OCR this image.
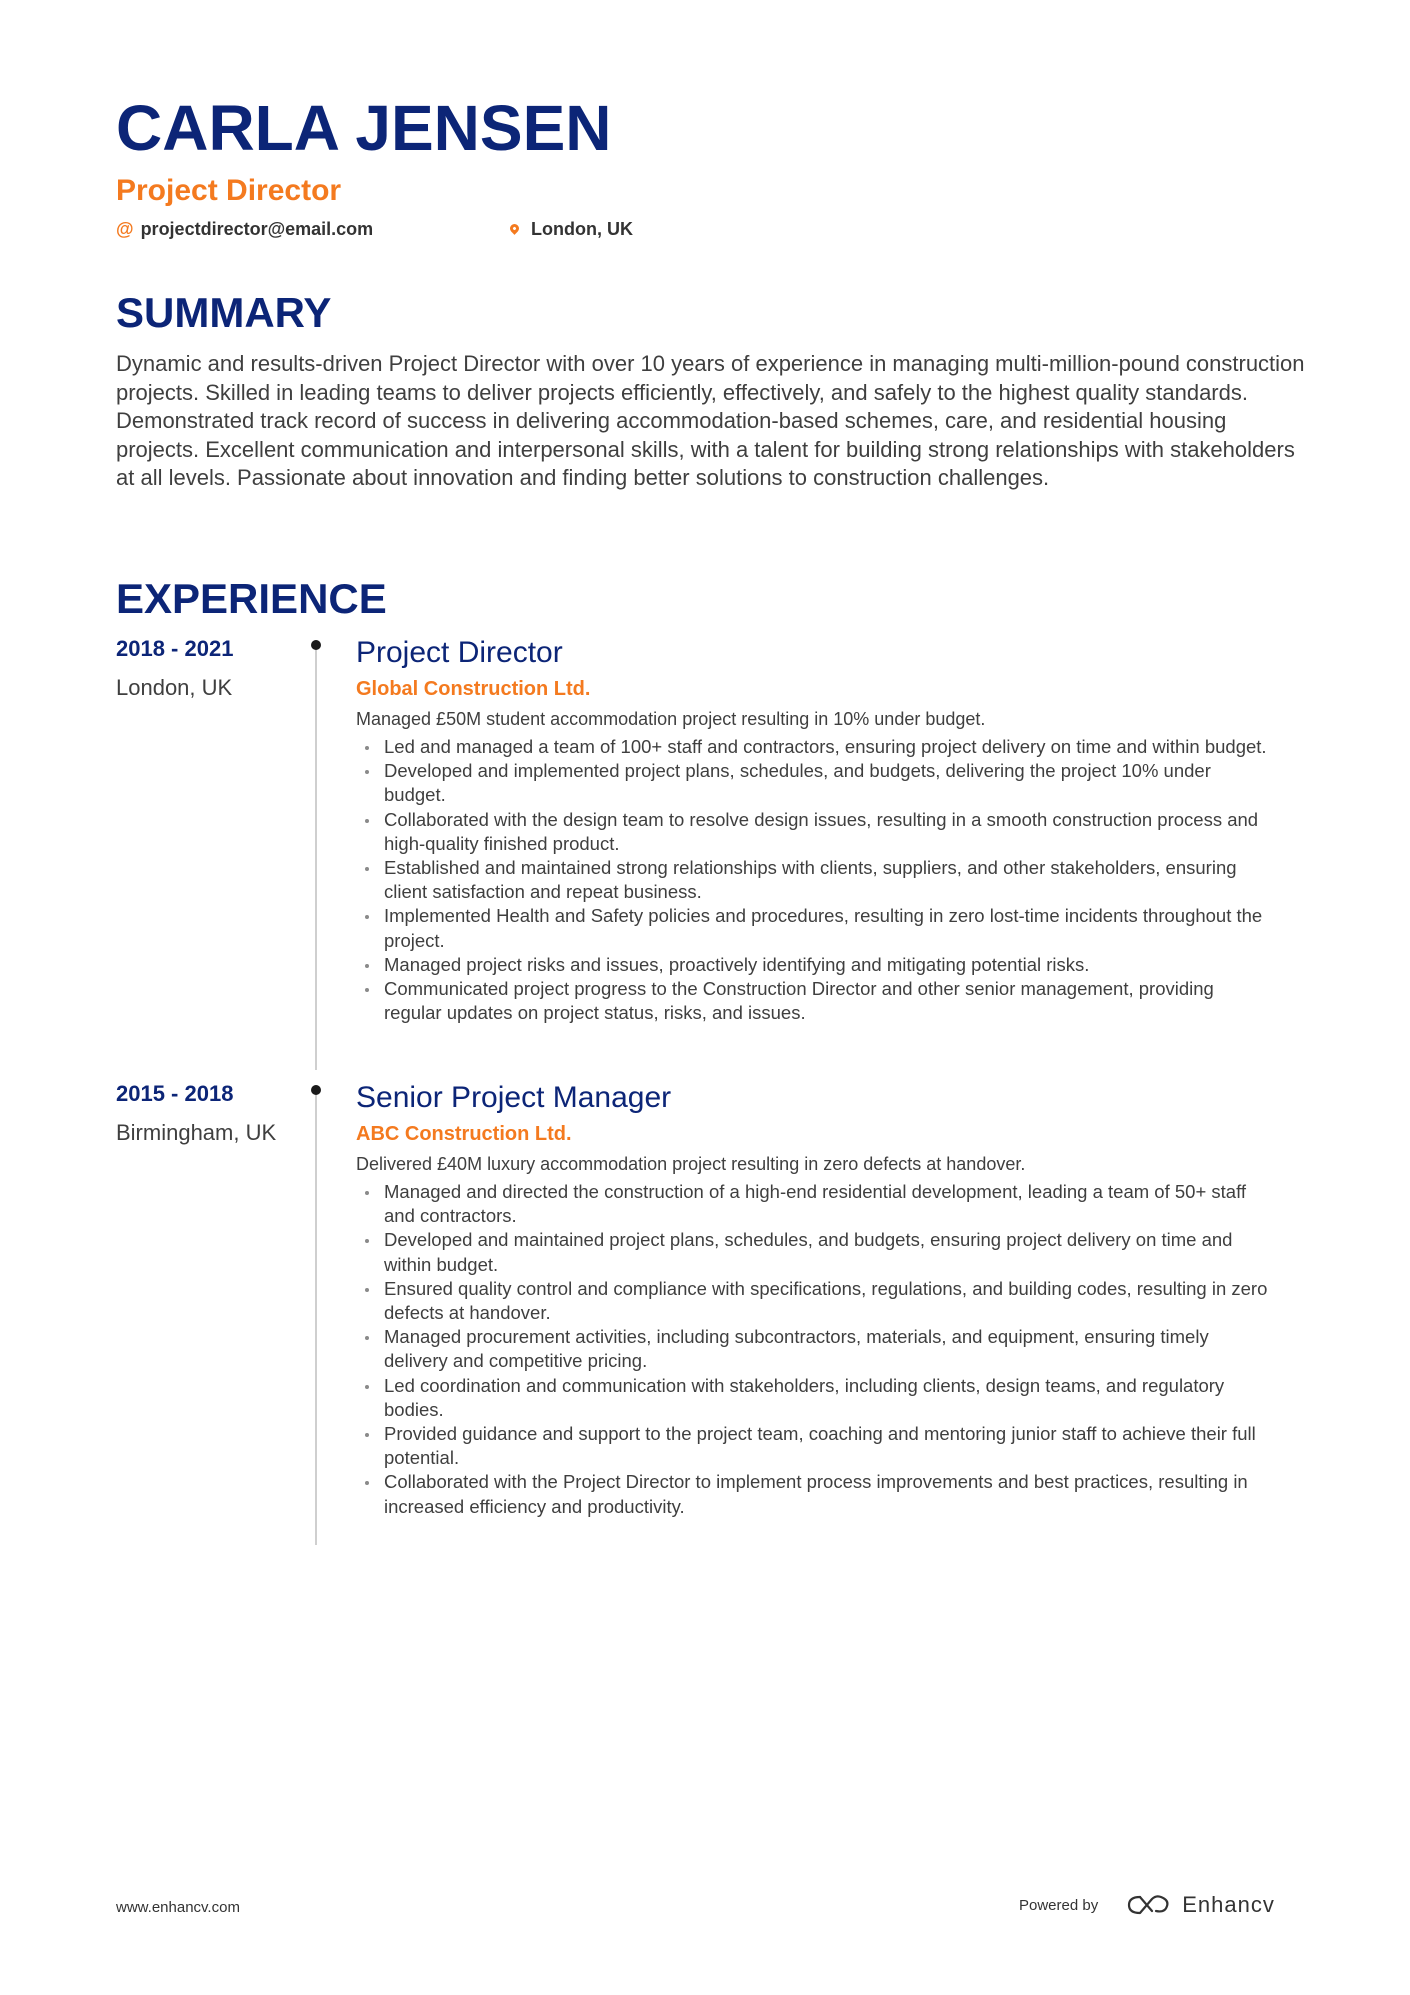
CARLA JENSEN
Project Director
@ projectdirector@email.com	London, UK
SUMMARY

Dynamic and results-driven Project Director with over 10 years of experience in managing multi-million-pound construction projects. Skilled in leading teams to deliver projects efficiently, effectively, and safely to the highest quality standards. Demonstrated track record of success in delivering accommodation-based schemes, care, and residential housing projects. Excellent communication and interpersonal skills, with a talent for building strong relationships with stakeholders at all levels. Passionate about innovation and finding better solutions to construction challenges.

EXPERIENCE
2018 - 2021
London, UK
Project Director
Global Construction Ltd.
Managed £50M student accommodation project resulting in 10% under budget.
Led and managed a team of 100+ staff and contractors, ensuring project delivery on time and within budget.
Developed and implemented project plans, schedules, and budgets, delivering the project 10% under budget.
Collaborated with the design team to resolve design issues, resulting in a smooth construction process and high-quality finished product.
Established and maintained strong relationships with clients, suppliers, and other stakeholders, ensuring client satisfaction and repeat business.
Implemented Health and Safety policies and procedures, resulting in zero lost-time incidents throughout the project.
Managed project risks and issues, proactively identifying and mitigating potential risks.
Communicated project progress to the Construction Director and other senior management, providing regular updates on project status, risks, and issues.
2015 - 2018
Birmingham, UK
Senior Project Manager
ABC Construction Ltd.
Delivered £40M luxury accommodation project resulting in zero defects at handover.
Managed and directed the construction of a high-end residential development, leading a team of 50+ staff and contractors.
Developed and maintained project plans, schedules, and budgets, ensuring project delivery on time and within budget.
Ensured quality control and compliance with specifications, regulations, and building codes, resulting in zero defects at handover.
Managed procurement activities, including subcontractors, materials, and equipment, ensuring timely delivery and competitive pricing.
Led coordination and communication with stakeholders, including clients, design teams, and regulatory bodies.
Provided guidance and support to the project team, coaching and mentoring junior staff to achieve their full potential.
Collaborated with the Project Director to implement process improvements and best practices, resulting in increased efficiency and productivity.
www.enhancv.com	Powered by	Enhancv
